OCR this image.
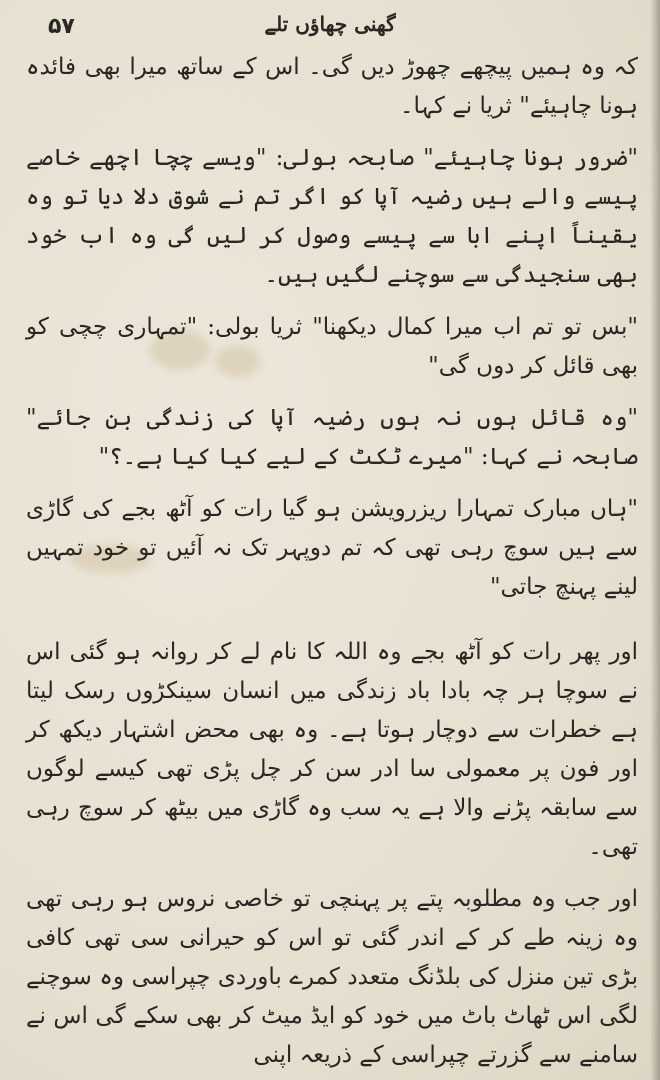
۵۷	گھنی چھاؤں تلے

کہ وہ ہمیں پیچھے چھوڑ دیں گی۔ اس کے ساتھ میرا بھی فائدہ ہونا چاہیئے" ثریا نے کہا۔

"ضرور ہونا چاہیئے" صابحہ بولی: "ویسے چچا اچھے خاصے پیسے والے ہیں رضیہ آپا کو اگر تم نے شوق دلا دیا تو وہ یقیناً اپنے ابا سے پیسے وصول کر لیں گی وہ اب خود بھی سنجیدگی سے سوچنے لگیں ہیں۔

"بس تو تم اب میرا کمال دیکھنا" ثریا بولی: "تمہاری چچی کو بھی قائل کر دوں گی"

"وہ قائل ہوں نہ ہوں رضیہ آپا کی زندگی بن جائے" صابحہ نے کہا: "میرے ٹکٹ کے لیے کیا کیا ہے۔؟"

"ہاں مبارک تمہارا ریزرویشن ہو گیا رات کو آٹھ بجے کی گاڑی سے ہیں سوچ رہی تھی کہ تم دوپہر تک نہ آئیں تو خود تمہیں لینے پہنچ جاتی"

اور پھر رات کو آٹھ بجے وہ اللہ کا نام لے کر روانہ ہو گئی اس نے سوچا ہر چہ بادا باد زندگی میں انسان سینکڑوں رسک لیتا ہے خطرات سے دوچار ہوتا ہے۔ وہ بھی محض اشتہار دیکھ کر اور فون پر معمولی سا ادر سن کر چل پڑی تھی کیسے لوگوں سے سابقہ پڑنے والا ہے یہ سب وہ گاڑی میں بیٹھ کر سوچ رہی تھی۔

اور جب وہ مطلوبہ پتے پر پہنچی تو خاصی نروس ہو رہی تھی وہ زینہ طے کر کے اندر گئی تو اس کو حیرانی سی تھی کافی بڑی تین منزل کی بلڈنگ متعدد کمرے باوردی چپراسی وہ سوچنے لگی اس ٹھاٹ باٹ میں خود کو ایڈ میٹ کر بھی سکے گی اس نے سامنے سے گزرتے چپراسی کے ذریعہ اپنی
